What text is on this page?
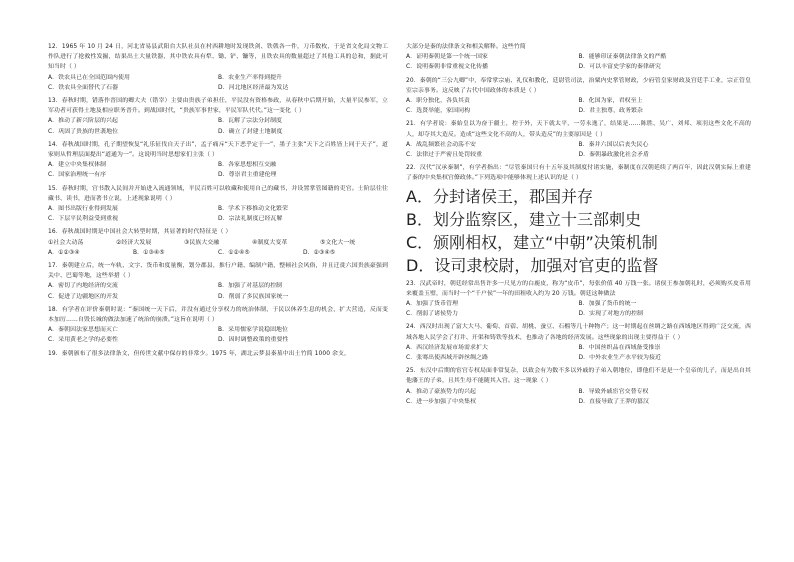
12．1965 年 10 月 24 日，河北省易县武阳台大队社员在村西耕地时发现铁剑、铁戟各一件，刀币数枚，于是省文化局文物工作队进行了抢救性发掘，结果出土大量铁器，其中铁农具有犁、锄、铲、镰等，且铁农具的数量超过了其他工具的总和，据此可知当时（ ）

A．铁农具已在全国范围内使用	B．农业生产率得到提升
C．铁农具全面替代了石器	D．河北地区经济最为发达

13．春秋时期，错落作晋国的卿大夫（错宰）主要由贵族子弟担任，平民没有资格参政，从春秋中后期开始，大量平民参军，立军功者可获得土地及相应职务晋升。到战国时代，“贵族军事世家，平民军队代代。”这一变化（ ）

A．推动了新兴阶层的兴起	B．瓦解了宗法分封制度
C．巩固了贵族的世袭地位	D．确立了封建土地制度

14．春秋战国时期，孔子期望恢复“礼乐征伐自天子出”，孟子痛斥“天下恶乎定于一”，墨子主张“天下之百姓皆上同于天子”，道家则从哲理层面提出“道通为一”。这说明当时思想家们主张（ ）

A．建立中央集权体制	B．各家思想相互交融
C．国家治理统一有序	D．尊崇君主重建伦理

15．春秋时期，官书散入民间并开始进入流通领域，平民百姓可以收藏和使用自己的藏书，并设置掌管图籍的吏官。士阶层往往藏书、读书，进而著书立说，上述现象说明（ ）

A．图书出版行业得到发展	B．学术下移推动文化繁荣
C．下层平民利益受到重视	D．宗法礼制度已经瓦解

16．春秋战国时期是中国社会大转型时期，其显著的时代特征是（ ）

①社会大动荡	②经济大发展	③民族大交融	④制度大变革	⑤文化大一统
A．①②③④	B．①③④⑤	C．①②④⑤	D．②③④⑤

17．秦朝建立后，统一车轨、文字、货币和度量衡，划分郡县，推行户籍、编制户籍，整顿社会风俗，并且迁徙六国贵族豪强到关中、巴蜀等地，这些举措（ ）

A．密切了内地经济的交流	B．加强了对基层的控制
C．促进了边疆地区的开发	D．削弱了多民族国家统一

18．有学者在评价秦朝时说：“秦国统一天下后，并没有通过分享权力的统治体制，于民以休养生息的机会，扩大营造，反而变本加厉……自毁长城的做法加速了统治的崩溃。”这旨在说明（ ）

A．秦朝因法家思想而灭亡	B．采用儒家学说稳固地位
C．采用黄老之学的必要性	D．因时调整政策的重要性

19．秦朝颁布了很多法律条文，但传世文献中保存的非常少。1975 年，湖北云梦县秦墓中出土竹简 1000 余支，

大部分是秦的法律条文和相关解释。这些竹简

A．证明秦朝是第一个统一国家	B．能够印证秦朝法律条文的严酷
C．说明秦朝非常重视文化传播	D．可以丰富史学家的秦律研究

20．秦朝的“三公九卿”中，奉常掌宗庙、礼仪和教化，廷尉管司法，治粟内史掌管财政，少府管皇家财政及宫廷手工业，宗正管皇室宗亲事务。这反映了古代中国政体的本质是（ ）

A．职分独化，各负其责	B．化国为家，君权至上
C．选贤举能，家国同构	D．君主独尊，政务繁杂

21．有学者说：秦始皇以为奋于疆土，控于外，天下就太平，一劳永逸了，结果是……陈胜、吴广、刘邦、项羽这些文化不高的人，却夺其大造反。造成“这些文化不高的人，带头造反”的主要原因是（ ）

A．战乱频繁社会动荡不安	B．秦并六国以后丧失民心
C．法律过于严密且处罚较重	D．秦朝暴政激化社会矛盾

22．汉代“汉承秦制”，有学者指出：“尽管秦国只有十五年及其制度付诸实施，秦制度在汉朝延续了两百年，因此汉朝实际上重建了秦的中央集权官僚政体。”下列选项中能够体现上述认识的是（ ）

A．分封诸侯王，郡国并存

B．划分监察区，建立十三部刺史

C．颁刚相权，建立“中朝”决策机制

D．设司隶校尉，加强对官吏的监督

23．汉武帝时，朝廷经常出售许多一尺见方的白鹿皮，称为“皮币”，每张价值 40 万钱一张。诸侯王参加朝礼时，必须购买皮币用来覆盖玉璧，而当时一个“千户侯”一年的田租收入约为 20 万钱。朝廷这种做法

A．加强了货币管理	B．加强了货币的统一
C．削弱了诸侯势力	D．实现了对地方的控制

24．西汉时出现了富大大马、葡萄、首蓿、胡桃、蚕豆、石榴等几十种物产；这一时期起在丝绸之路在西域地区得到广泛交流，西域各地人民学会了打井、开渠和铸铁等技术，也推动了各地的经济发展。这些现象的出现主要得益于（ ）

A．西汉经济发展市场需求扩大	B．中国丝织品在西域备受推崇
C．张骞出使西域开辟丝绸之路	D．中外农业生产水平较为接近

25．东汉中后期的宦官专权局面非常复杂，以致会有为数不多以外戚的子弟入朝地位，即他们不是是一个皇帝的儿子，而是出自其他藩王的子弟，且其生母不能随其入宫。这一现象（ ）

A．推动了豪族势力的兴起	B．导致外戚宦官交替专权
C．进一步加强了中央集权	D．直接导致了王莽的篡汉
